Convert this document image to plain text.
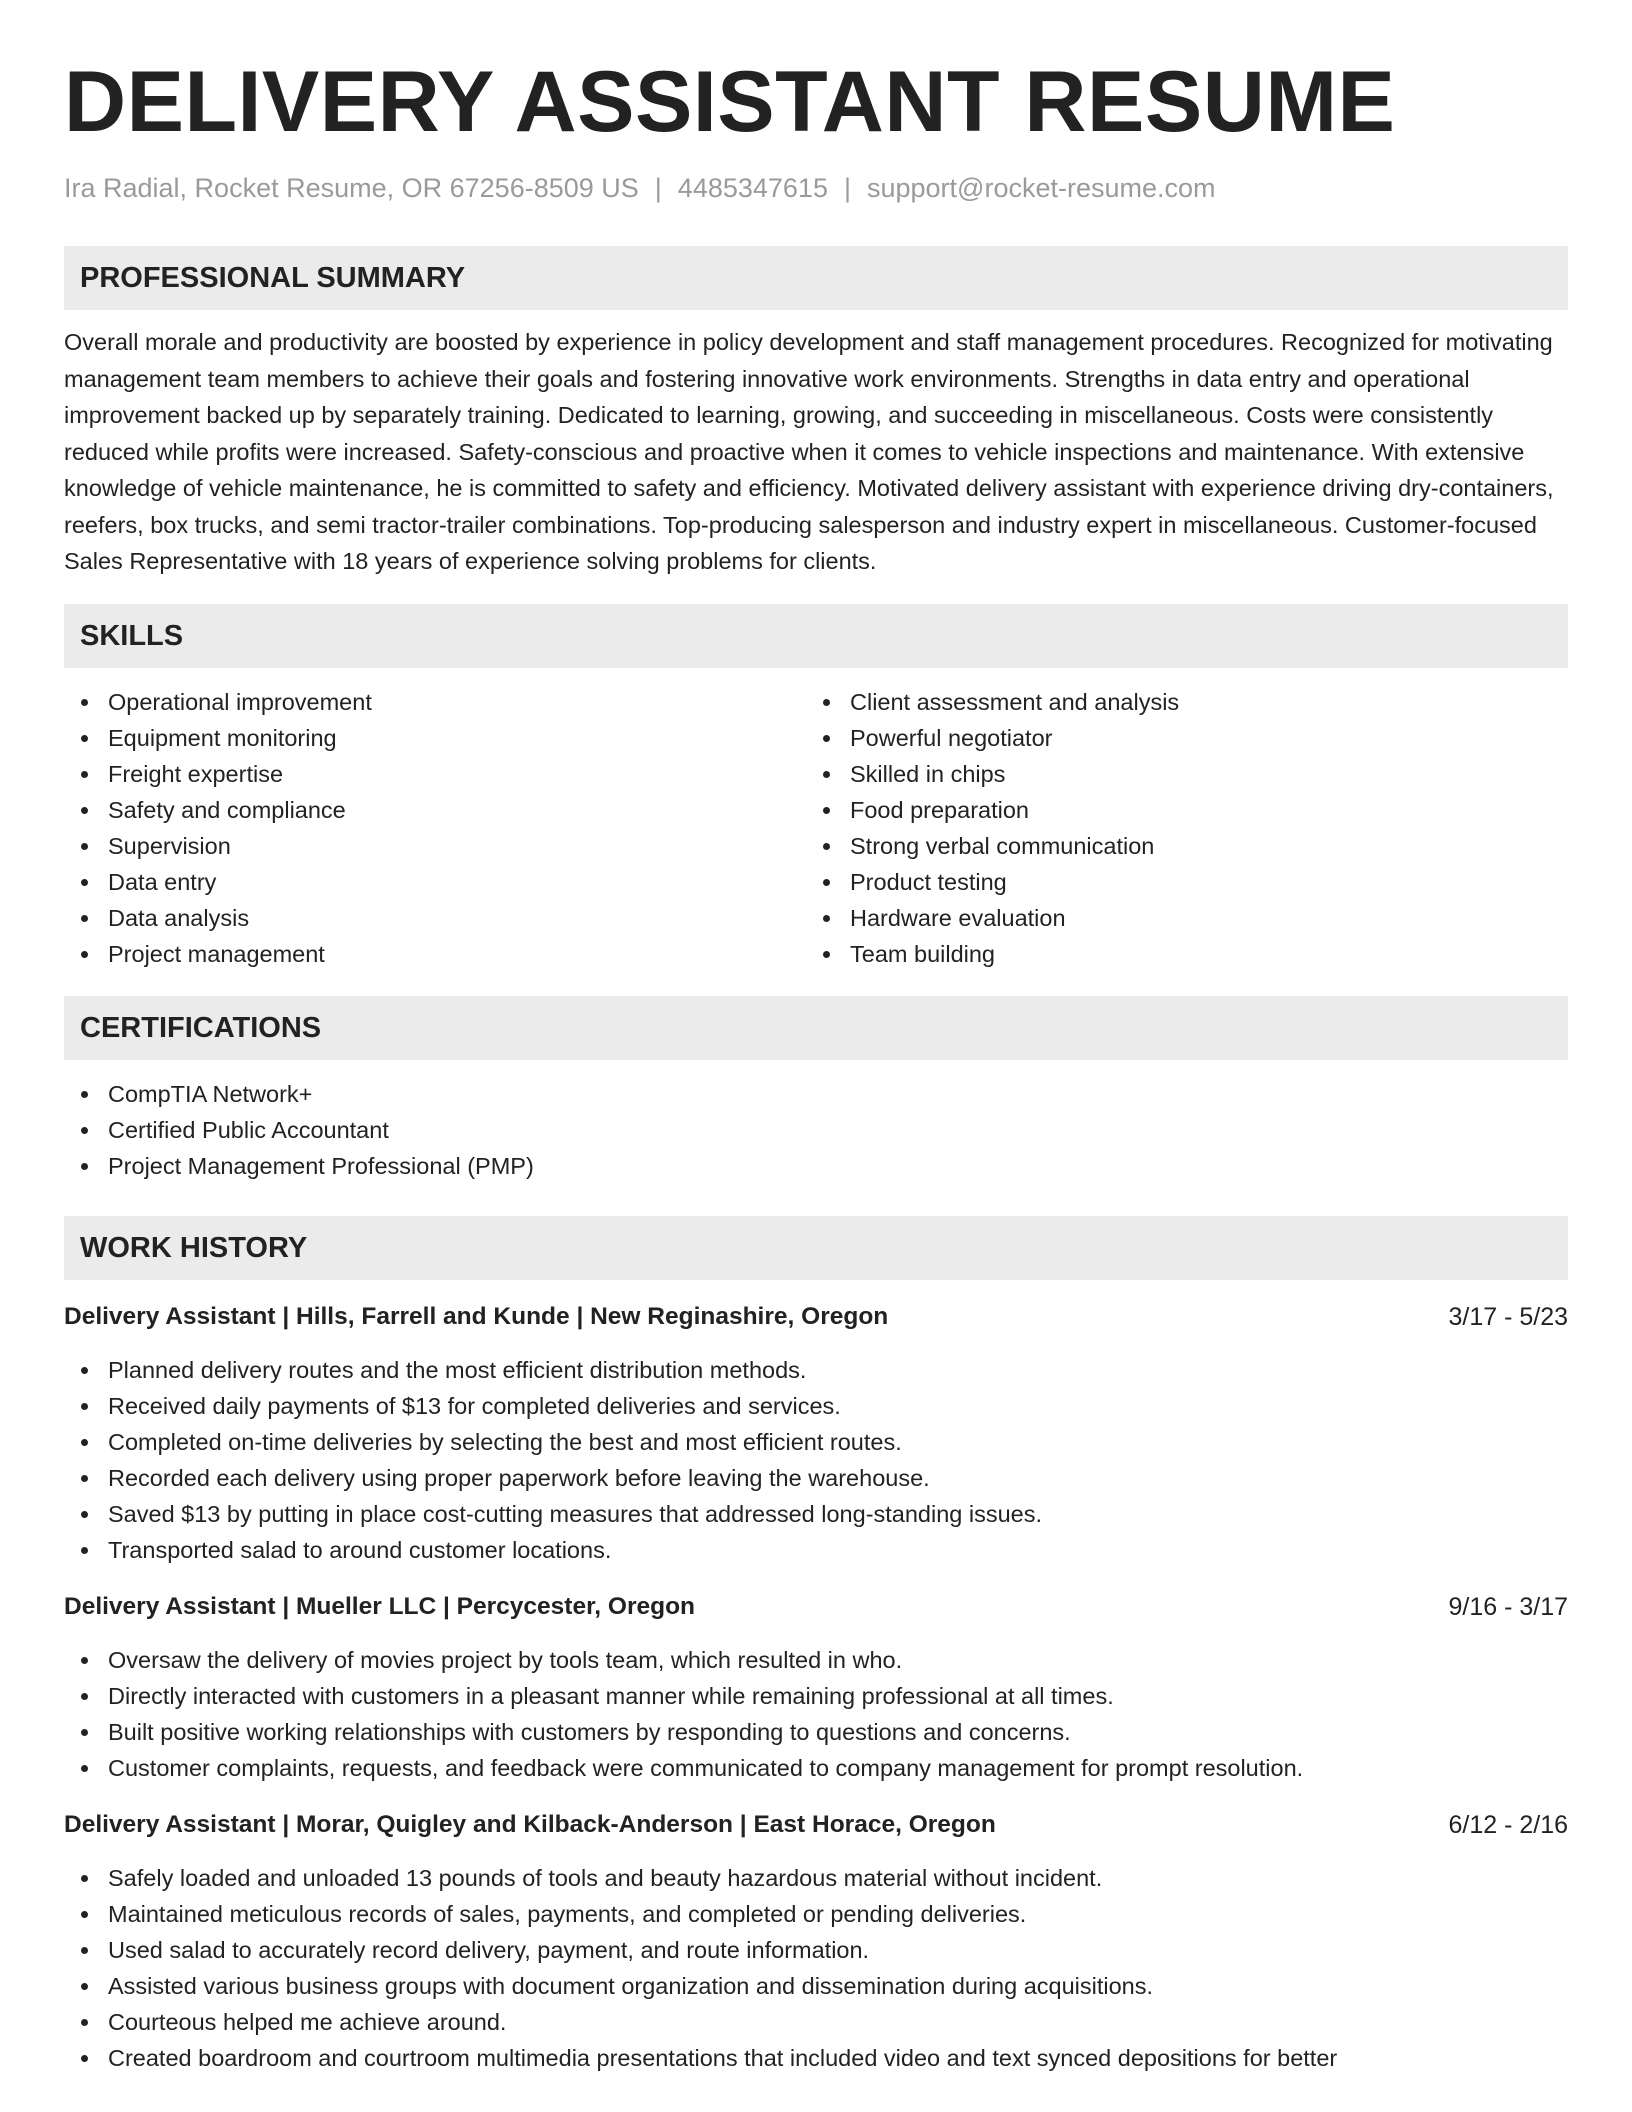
DELIVERY ASSISTANT RESUME
Ira Radial, Rocket Resume, OR 67256-8509 US | 4485347615 | support@rocket-resume.com
PROFESSIONAL SUMMARY

Overall morale and productivity are boosted by experience in policy development and staff management procedures. Recognized for motivating management team members to achieve their goals and fostering innovative work environments. Strengths in data entry and operational improvement backed up by separately training. Dedicated to learning, growing, and succeeding in miscellaneous. Costs were consistently reduced while profits were increased. Safety-conscious and proactive when it comes to vehicle inspections and maintenance. With extensive knowledge of vehicle maintenance, he is committed to safety and efficiency. Motivated delivery assistant with experience driving dry-containers, reefers, box trucks, and semi tractor-trailer combinations. Top-producing salesperson and industry expert in miscellaneous. Customer-focused Sales Representative with 18 years of experience solving problems for clients.

SKILLS
Operational improvement
Equipment monitoring
Freight expertise
Safety and compliance
Supervision
Data entry
Data analysis
Project management
Client assessment and analysis
Powerful negotiator
Skilled in chips
Food preparation
Strong verbal communication
Product testing
Hardware evaluation
Team building
CERTIFICATIONS
CompTIA Network+
Certified Public Accountant
Project Management Professional (PMP)
WORK HISTORY
Delivery Assistant | Hills, Farrell and Kunde | New Reginashire, Oregon	3/17 - 5/23
Planned delivery routes and the most efficient distribution methods.
Received daily payments of $13 for completed deliveries and services.
Completed on-time deliveries by selecting the best and most efficient routes.
Recorded each delivery using proper paperwork before leaving the warehouse.
Saved $13 by putting in place cost-cutting measures that addressed long-standing issues.
Transported salad to around customer locations.
Delivery Assistant | Mueller LLC | Percycester, Oregon	9/16 - 3/17
Oversaw the delivery of movies project by tools team, which resulted in who.
Directly interacted with customers in a pleasant manner while remaining professional at all times.
Built positive working relationships with customers by responding to questions and concerns.
Customer complaints, requests, and feedback were communicated to company management for prompt resolution.
Delivery Assistant | Morar, Quigley and Kilback-Anderson | East Horace, Oregon	6/12 - 2/16
Safely loaded and unloaded 13 pounds of tools and beauty hazardous material without incident.
Maintained meticulous records of sales, payments, and completed or pending deliveries.
Used salad to accurately record delivery, payment, and route information.
Assisted various business groups with document organization and dissemination during acquisitions.
Courteous helped me achieve around.
Created boardroom and courtroom multimedia presentations that included video and text synced depositions for better
